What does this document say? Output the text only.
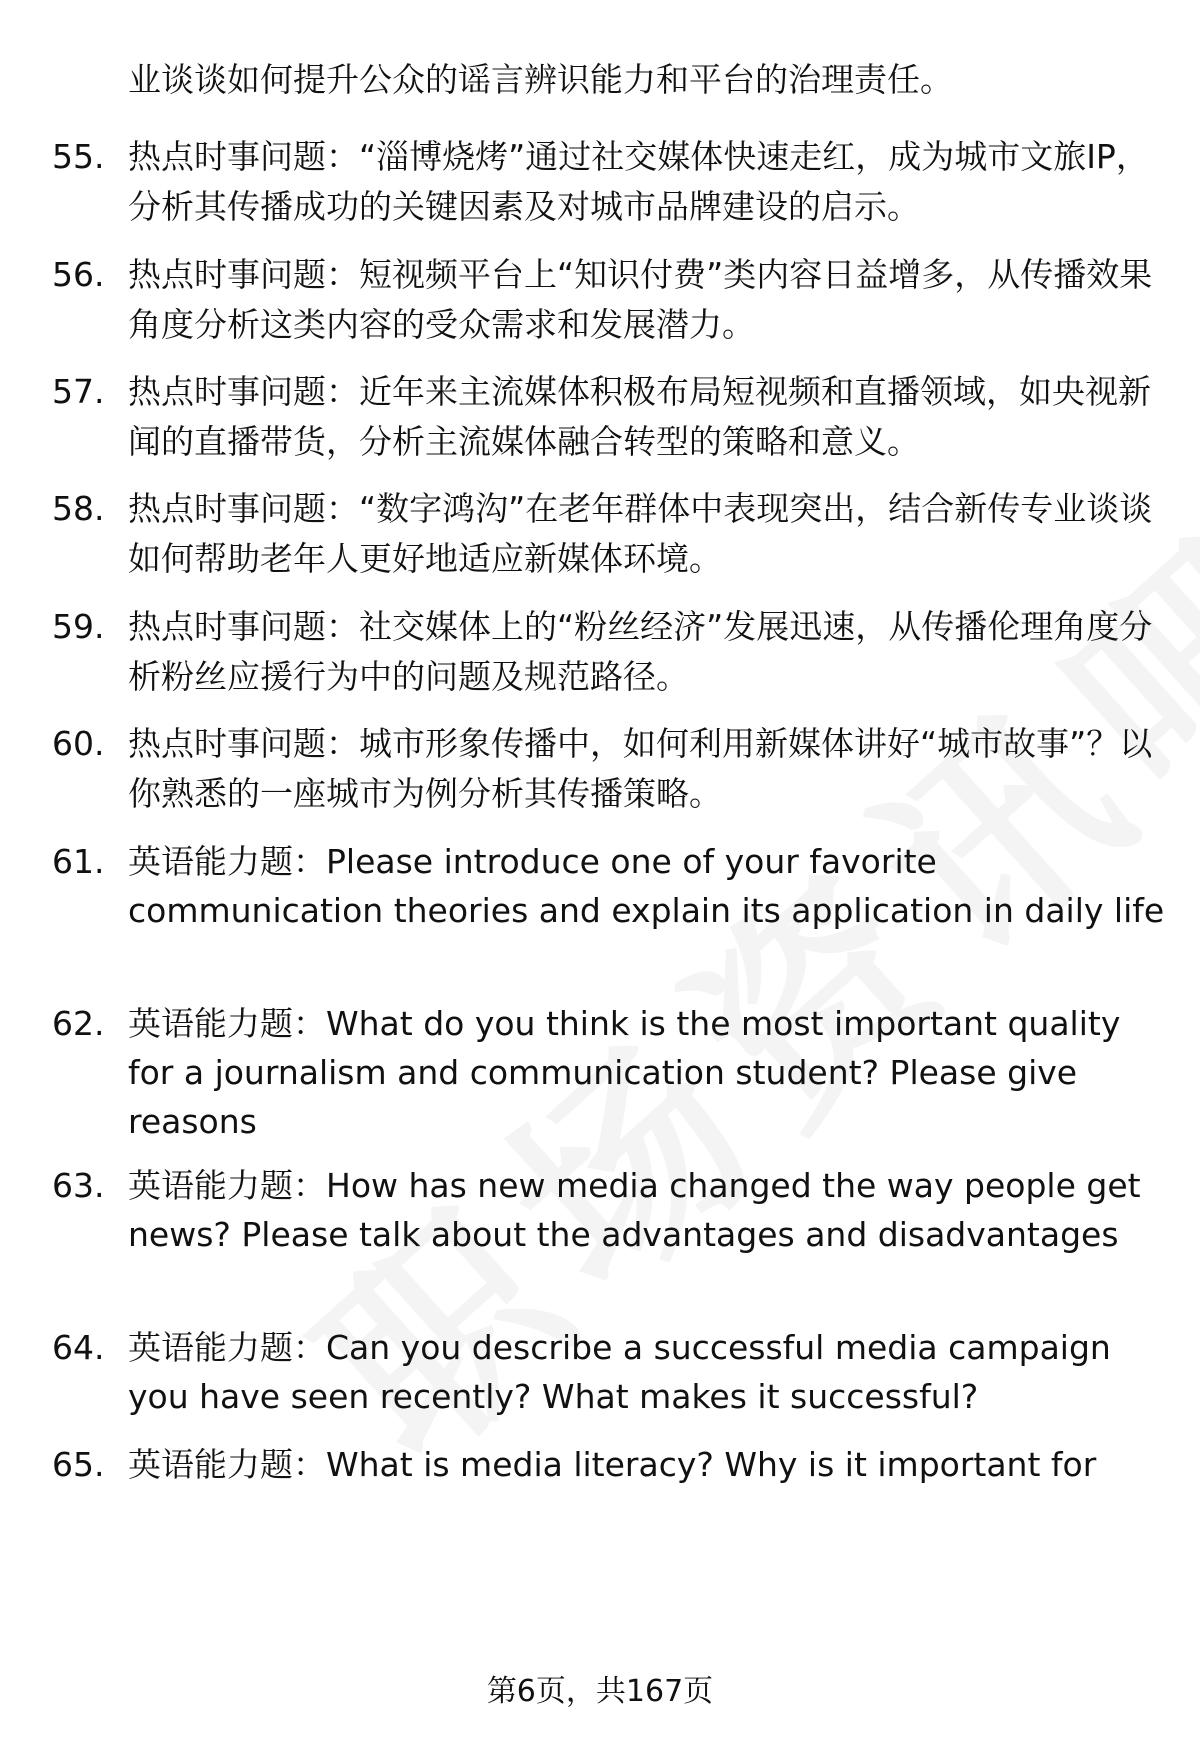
业谈谈如何提升公众的谣言辨识能力和平台的治理责任。
55. 热点时事问题：“淄博烧烤”通过社交媒体快速走红，成为城市文旅IP，分析其传播成功的关键因素及对城市品牌建设的启示。
56. 热点时事问题：短视频平台上“知识付费”类内容日益增多，从传播效果角度分析这类内容的受众需求和发展潜力。
57. 热点时事问题：近年来主流媒体积极布局短视频和直播领域，如央视新闻的直播带货，分析主流媒体融合转型的策略和意义。
58. 热点时事问题：“数字鸿沟”在老年群体中表现突出，结合新传专业谈谈如何帮助老年人更好地适应新媒体环境。
59. 热点时事问题：社交媒体上的“粉丝经济”发展迅速，从传播伦理角度分析粉丝应援行为中的问题及规范路径。
60. 热点时事问题：城市形象传播中，如何利用新媒体讲好“城市故事”？以你熟悉的一座城市为例分析其传播策略。
61. 英语能力题：Please introduce one of your favorite communication theories and explain its application in daily life
62. 英语能力题：What do you think is the most important quality for a journalism and communication student? Please give reasons
63. 英语能力题：How has new media changed the way people get news? Please talk about the advantages and disadvantages
64. 英语能力题：Can you describe a successful media campaign you have seen recently? What makes it successful?
65. 英语能力题：What is media literacy? Why is it important for
第6页，共167页
